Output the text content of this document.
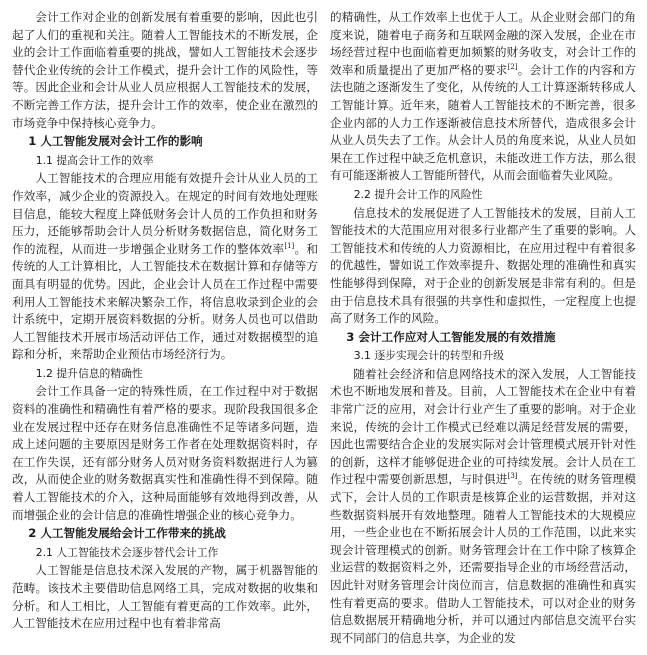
会计工作对企业的创新发展有着重要的影响，因此也引起了人们的重视和关注。随着人工智能技术的不断发展，企业的会计工作面临着重要的挑战，譬如人工智能技术会逐步替代企业传统的会计工作模式，提升会计工作的风险性，等等。因此企业和会计从业人员应根据人工智能技术的发展，不断完善工作方法，提升会计工作的效率，使企业在激烈的市场竞争中保持核心竞争力。

1 人工智能发展对会计工作的影响
1.1 提高会计工作的效率

人工智能技术的合理应用能有效提升会计从业人员的工作效率，减少企业的资源投入。在规定的时间有效地处理账目信息，能较大程度上降低财务会计人员的工作负担和财务压力，还能够帮助会计人员分析财务数据信息，简化财务工作的流程，从而进一步增强企业财务工作的整体效率[1]。和传统的人工计算相比，人工智能技术在数据计算和存储等方面具有明显的优势。因此，企业会计人员在工作过程中需要利用人工智能技术来解决繁杂工作，将信息收录到企业的会计系统中，定期开展资料数据的分析。财务人员也可以借助人工智能技术开展市场活动评估工作，通过对数据模型的追踪和分析，来帮助企业预估市场经济行为。

1.2 提升信息的精确性

会计工作具备一定的特殊性质，在工作过程中对于数据资料的准确性和精确性有着严格的要求。现阶段我国很多企业在发展过程中还存在财务信息准确性不足等诸多问题，造成上述问题的主要原因是财务工作者在处理数据资料时，存在工作失误，还有部分财务人员对财务资料数据进行人为篡改，从而使企业的财务数据真实性和准确性得不到保障。随着人工智能技术的介入，这种局面能够有效地得到改善，从而增强企业的会计信息的准确性增强企业的核心竞争力。

2 人工智能发展给会计工作带来的挑战
2.1 人工智能技术会逐步替代会计工作

人工智能是信息技术深入发展的产物，属于机器智能的范畴。该技术主要借助信息网络工具，完成对数据的收集和分析。和人工相比，人工智能有着更高的工作效率。此外，人工智能技术在应用过程中也有着非常高

的精确性，从工作效率上也优于人工。从企业财会部门的角度来说，随着电子商务和互联网金融的深入发展，企业在市场经营过程中也面临着更加频繁的财务收支，对会计工作的效率和质量提出了更加严格的要求[2]。会计工作的内容和方法也随之逐渐发生了变化，从传统的人工计算逐渐转移成人工智能计算。近年来，随着人工智能技术的不断完善，很多企业内部的人力工作逐渐被信息技术所替代，造成很多会计从业人员失去了工作。从会计人员的角度来说，从业人员如果在工作过程中缺乏危机意识，未能改进工作方法，那么很有可能逐渐被人工智能所替代，从而会面临着失业风险。

2.2 提升会计工作的风险性

信息技术的发展促进了人工智能技术的发展，目前人工智能技术的大范围应用对很多行业都产生了重要的影响。人工智能技术和传统的人力资源相比，在应用过程中有着很多的优越性，譬如说工作效率提升、数据处理的准确性和真实性能够得到保障，对于企业的创新发展是非常有利的。但是由于信息技术具有很强的共享性和虚拟性，一定程度上也提高了财务工作的风险。

3 会计工作应对人工智能发展的有效措施
3.1 逐步实现会计的转型和升级

随着社会经济和信息网络技术的深入发展，人工智能技术也不断地发展和普及。目前，人工智能技术在企业中有着非常广泛的应用，对会计行业产生了重要的影响。对于企业来说，传统的会计工作模式已经难以满足经营发展的需要，因此也需要结合企业的发展实际对会计管理模式展开针对性的创新，这样才能够促进企业的可持续发展。会计人员在工作过程中需要创新思想，与时俱进[3]。在传统的财务管理模式下，会计人员的工作职责是核算企业的运营数据，并对这些数据资料展开有效地整理。随着人工智能技术的大规模应用，一些企业也在不断拓展会计人员的工作范围，以此来实现会计管理模式的创新。财务管理会计在工作中除了核算企业运营的数据资料之外，还需要指导企业的市场经营活动，因此针对财务管理会计岗位而言，信息数据的准确性和真实性有着更高的要求。借助人工智能技术，可以对企业的财务信息数据展开精确地分析，并可以通过内部信息交流平台实现不同部门的信息共享，为企业的发
